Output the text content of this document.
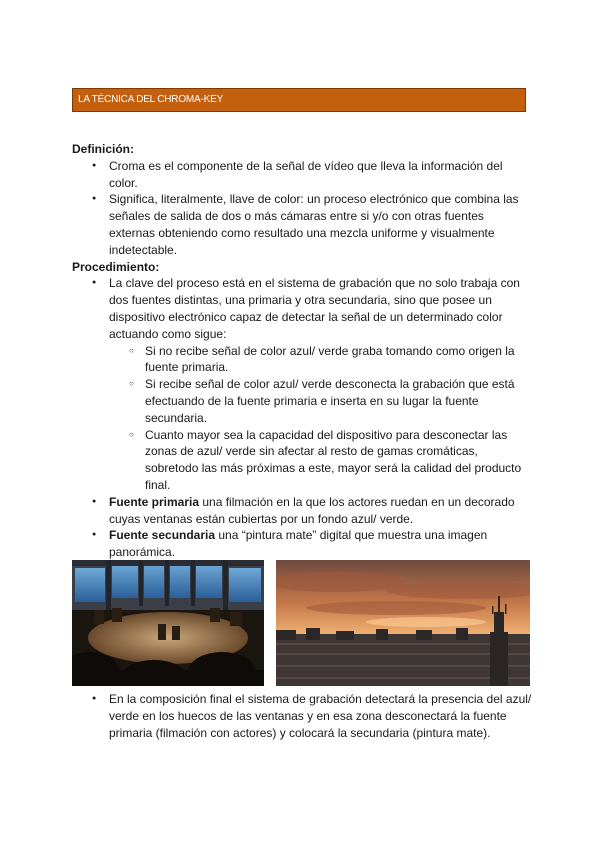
LA TÉCNICA DEL CHROMA-KEY

Definición:

● Croma es el componente de la señal de vídeo que lleva la información del color.
● Significa, literalmente, llave de color: un proceso electrónico que combina las señales de salida de dos o más cámaras entre si y/o con otras fuentes externas obteniendo como resultado una mezcla uniforme y visualmente indetectable.

Procedimiento:

● La clave del proceso está en el sistema de grabación que no solo trabaja con dos fuentes distintas, una primaria y otra secundaria, sino que posee un dispositivo electrónico capaz de detectar la señal de un determinado color actuando como sigue:
○ Si no recibe señal de color azul/ verde graba tomando como origen la fuente primaria.
○ Si recibe señal de color azul/ verde desconecta la grabación que está efectuando de la fuente primaria e inserta en su lugar la fuente secundaria.
○ Cuanto mayor sea la capacidad del dispositivo para desconectar las zonas de azul/ verde sin afectar al resto de gamas cromáticas, sobretodo las más próximas a este, mayor será la calidad del producto final.
● Fuente primaria una filmación en la que los actores ruedan en un decorado cuyas ventanas están cubiertas por un fondo azul/ verde.
● Fuente secundaria una “pintura mate” digital que muestra una imagen panorámica.
● En la composición final el sistema de grabación detectará la presencia del azul/ verde en los huecos de las ventanas y en esa zona desconectará la fuente primaria (filmación con actores) y colocará la secundaria (pintura mate).
